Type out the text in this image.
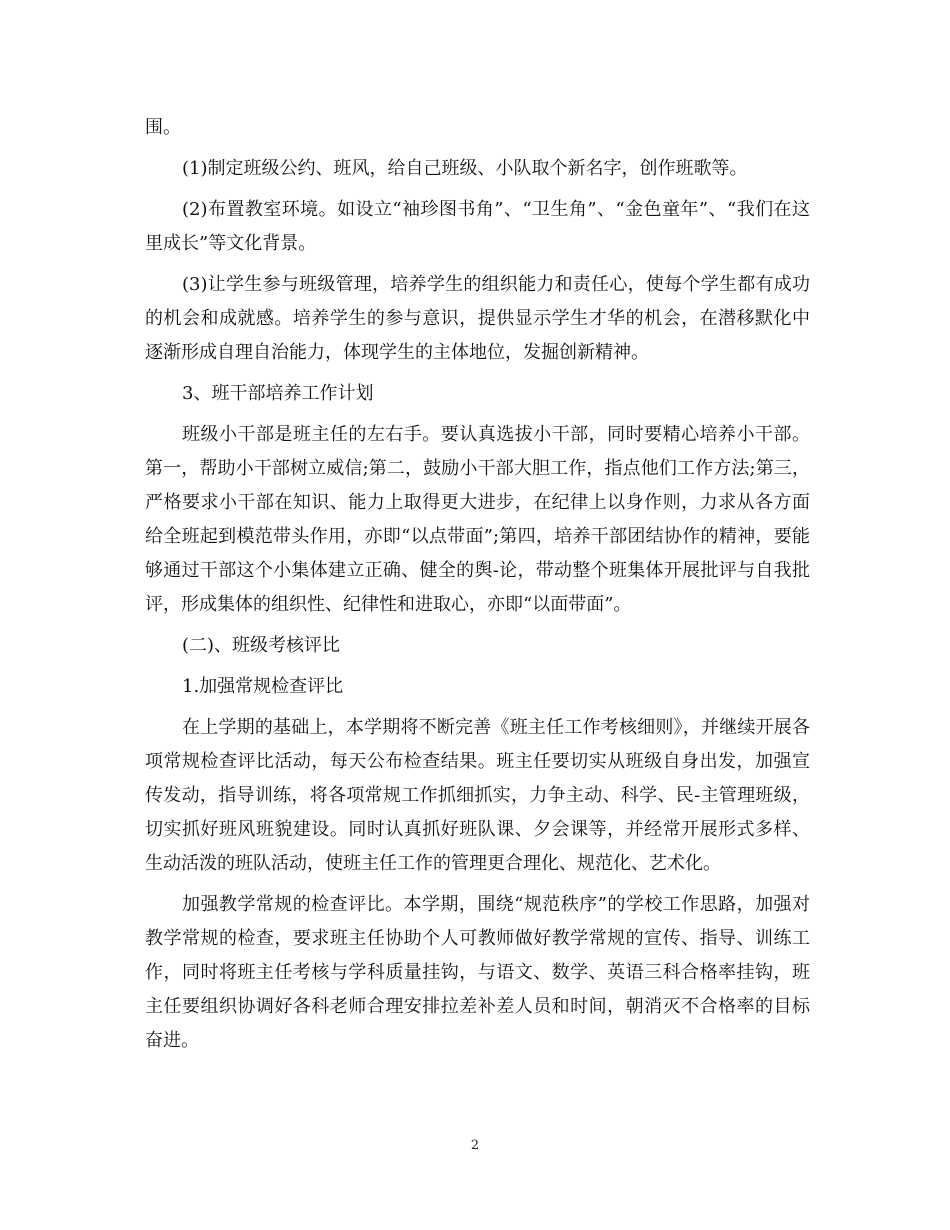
围。

(1)制定班级公约、班风，给自己班级、小队取个新名字，创作班歌等。

(2)布置教室环境。如设立“袖珍图书角”、“卫生角”、“金色童年”、“我们在这里成长”等文化背景。

(3)让学生参与班级管理，培养学生的组织能力和责任心，使每个学生都有成功的机会和成就感。培养学生的参与意识，提供显示学生才华的机会，在潜移默化中逐渐形成自理自治能力，体现学生的主体地位，发掘创新精神。

3、班干部培养工作计划

班级小干部是班主任的左右手。要认真选拔小干部，同时要精心培养小干部。第一，帮助小干部树立威信;第二，鼓励小干部大胆工作，指点他们工作方法;第三，严格要求小干部在知识、能力上取得更大进步，在纪律上以身作则，力求从各方面给全班起到模范带头作用，亦即“以点带面”;第四，培养干部团结协作的精神，要能够通过干部这个小集体建立正确、健全的舆-论，带动整个班集体开展批评与自我批评，形成集体的组织性、纪律性和进取心，亦即“以面带面”。

(二)、班级考核评比

1.加强常规检查评比

在上学期的基础上，本学期将不断完善《班主任工作考核细则》，并继续开展各项常规检查评比活动，每天公布检查结果。班主任要切实从班级自身出发，加强宣传发动，指导训练，将各项常规工作抓细抓实，力争主动、科学、民-主管理班级，切实抓好班风班貌建设。同时认真抓好班队课、夕会课等，并经常开展形式多样、生动活泼的班队活动，使班主任工作的管理更合理化、规范化、艺术化。

加强教学常规的检查评比。本学期，围绕“规范秩序”的学校工作思路，加强对教学常规的检查，要求班主任协助个人可教师做好教学常规的宣传、指导、训练工作，同时将班主任考核与学科质量挂钩，与语文、数学、英语三科合格率挂钩，班主任要组织协调好各科老师合理安排拉差补差人员和时间，朝消灭不合格率的目标奋进。

2
